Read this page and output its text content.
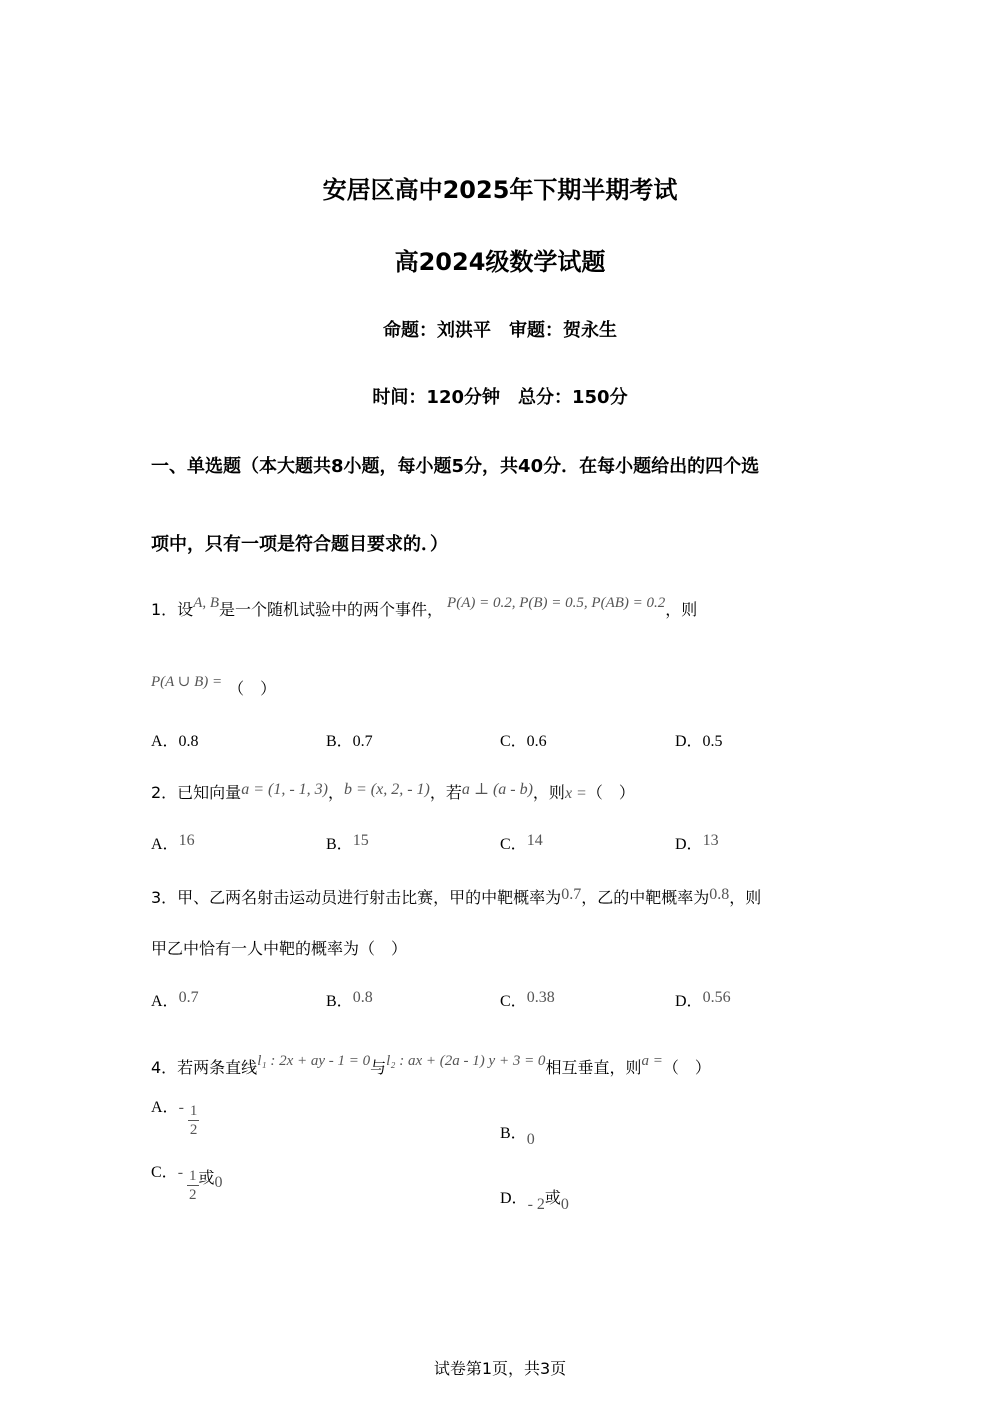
安居区高中2025年下期半期考试
高2024级数学试题
命题：刘洪平　审题：贺永生
时间：120分钟　总分：150分
一、单选题（本大题共8小题，每小题5分，共40分．在每小题给出的四个选
项中，只有一项是符合题目要求的．）
1．设A, B是一个随机试验中的两个事件， P(A) = 0.2, P(B) = 0.5, P(AB) = 0.2，则
P(A ∪ B) = （　）
A．0.8	B．0.7	C．0.6	D．0.5
2．已知向量a = (1, - 1, 3)，b = (x, 2, - 1)，若a ⊥ (a - b)，则x =（　）
A．16	B．15	C．14	D．13
3．甲、乙两名射击运动员进行射击比赛，甲的中靶概率为0.7，乙的中靶概率为0.8，则
甲乙中恰有一人中靶的概率为（　）
A．0.7	B．0.8	C．0.38	D．0.56
4．若两条直线l₁ : 2x + ay - 1 = 0与l₂ : ax + (2a - 1) y + 3 = 0相互垂直，则a =（　）
A．- $\frac{1}{2}$	B．0
C．- $\frac{1}{2}$ 或0
D．- 2或0
试卷第1页，共3页
